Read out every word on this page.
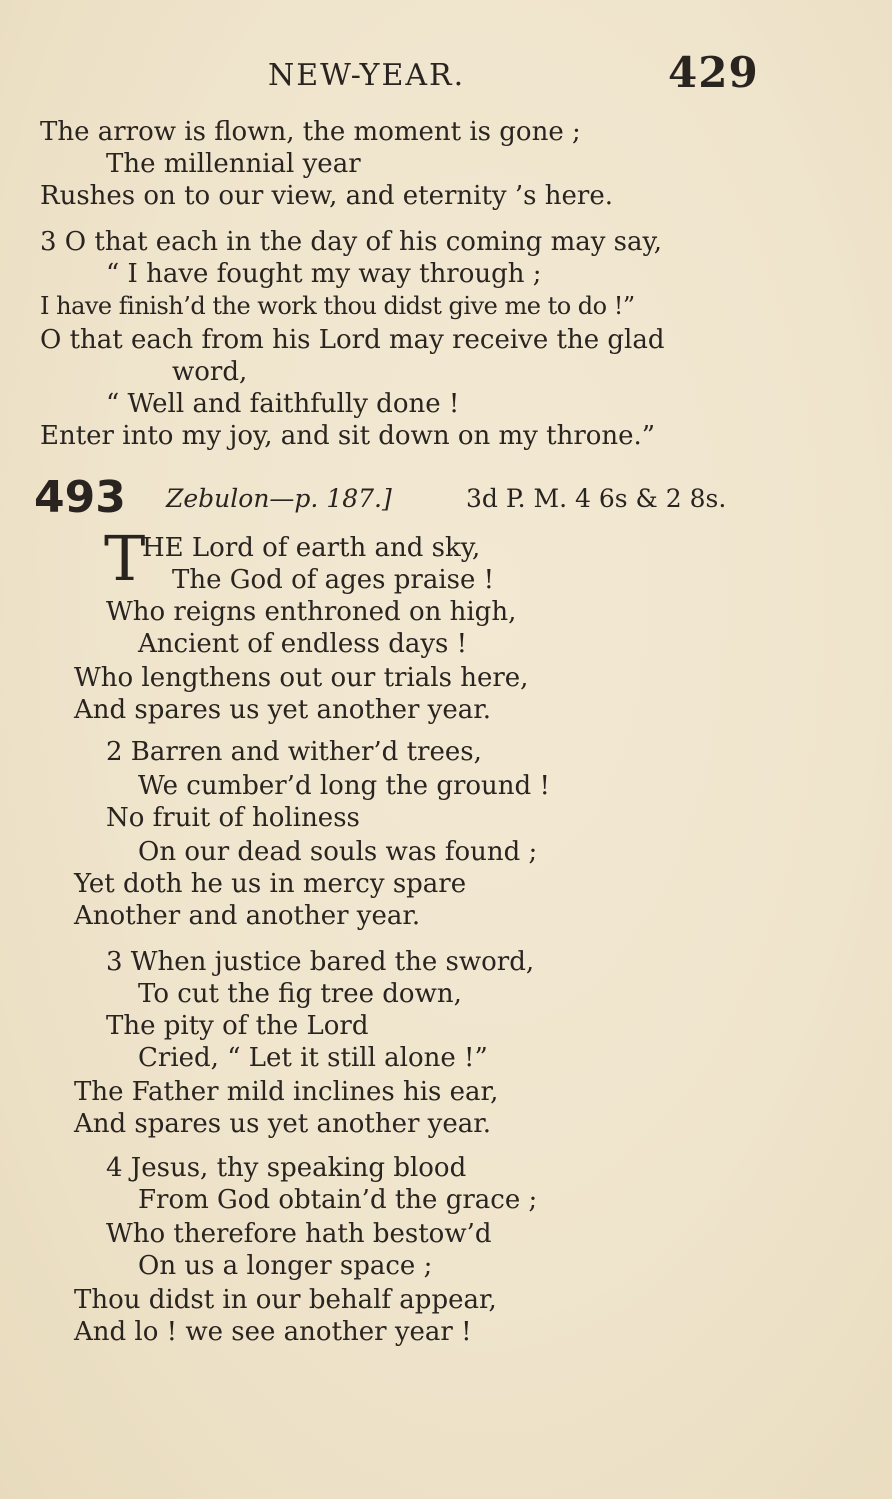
NEW-YEAR.	429
The arrow is flown, the moment is gone ;
The millennial year
Rushes on to our view, and eternity ’s here.
3 O that each in the day of his coming may say,
“ I have fought my way through ;
I have finish’d the work thou didst give me to do !”
O that each from his Lord may receive the glad
word,
“ Well and faithfully done !
Enter into my joy, and sit down on my throne.”
493 Zebulon—p. 187.]	3d P. M. 4 6s & 2 8s.
T
HE Lord of earth and sky,
The God of ages praise !
Who reigns enthroned on high,
Ancient of endless days !
Who lengthens out our trials here,
And spares us yet another year.
2 Barren and wither’d trees,
We cumber’d long the ground !
No fruit of holiness
On our dead souls was found ;
Yet doth he us in mercy spare
Another and another year.
3 When justice bared the sword,
To cut the fig tree down,
The pity of the Lord
Cried, “ Let it still alone !”
The Father mild inclines his ear,
And spares us yet another year.
4 Jesus, thy speaking blood
From God obtain’d the grace ;
Who therefore hath bestow’d
On us a longer space ;
Thou didst in our behalf appear,
And lo ! we see another year !
